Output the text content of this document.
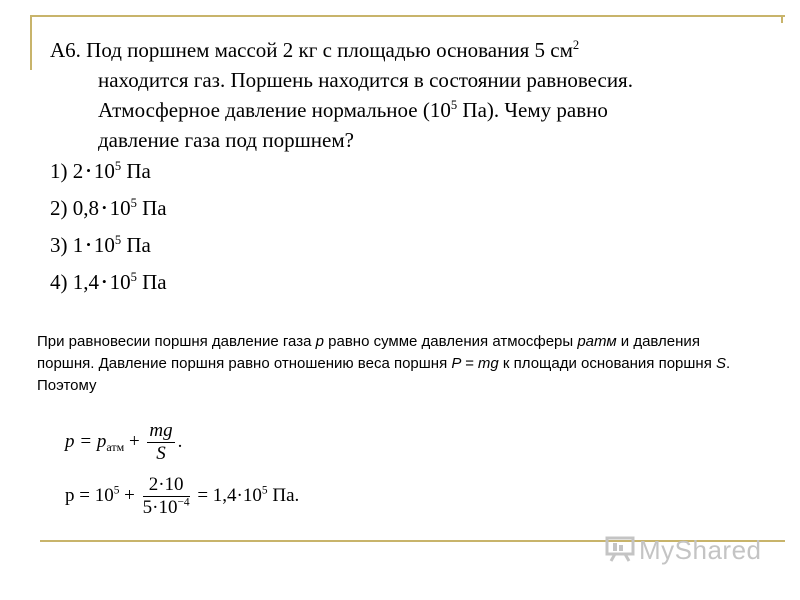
А6. Под поршнем массой 2 кг с площадью основания 5 $см^2$
находится газ. Поршень находится в состоянии равновесия.
Атмосферное давление нормальное ($10^5$ Па). Чему равно
давление газа под поршнем?
1) 2 • $10^5$ Па
2) 0,8 • $10^5$ Па
3) 1 • $10^5$ Па
4) 1,4 • $10^5$ Па
При равновесии поршня давление газа p равно сумме давления атмосферы pатм и давления поршня. Давление поршня равно отношению веса поршня P = mg к площади основания поршня S. Поэтому
$p = p_{атм} + \frac{mg}{S}$ .
$p = 10^5 + \frac{2\cdot 10}{5\cdot 10^{-4}} = 1,4\cdot 10^5$ Па.
MyShared
